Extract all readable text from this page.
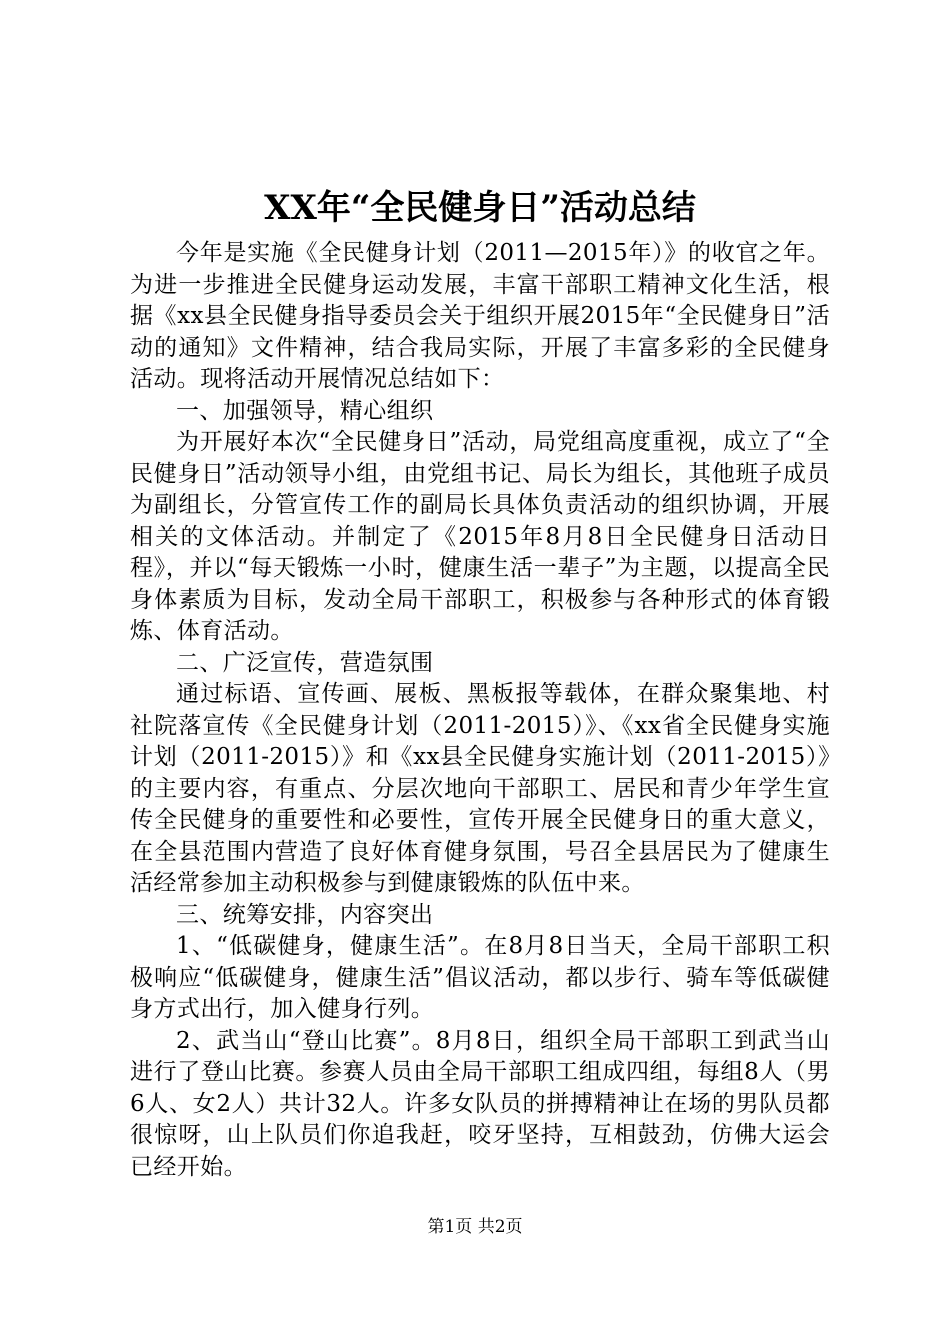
XX年“全民健身日”活动总结

今年是实施《全民健身计划（2011—2015年）》的收官之年。为进一步推进全民健身运动发展，丰富干部职工精神文化生活，根据《xx县全民健身指导委员会关于组织开展2015年“全民健身日”活动的通知》文件精神，结合我局实际，开展了丰富多彩的全民健身活动。现将活动开展情况总结如下：

一、加强领导，精心组织

为开展好本次“全民健身日”活动，局党组高度重视，成立了“全民健身日”活动领导小组，由党组书记、局长为组长，其他班子成员为副组长，分管宣传工作的副局长具体负责活动的组织协调，开展相关的文体活动。并制定了《2015年8月8日全民健身日活动日程》，并以“每天锻炼一小时，健康生活一辈子”为主题，以提高全民身体素质为目标，发动全局干部职工，积极参与各种形式的体育锻炼、体育活动。

二、广泛宣传，营造氛围

通过标语、宣传画、展板、黑板报等载体，在群众聚集地、村社院落宣传《全民健身计划（2011-2015）》、《xx省全民健身实施计划（2011-2015）》和《xx县全民健身实施计划（2011-2015）》的主要内容，有重点、分层次地向干部职工、居民和青少年学生宣传全民健身的重要性和必要性，宣传开展全民健身日的重大意义，在全县范围内营造了良好体育健身氛围，号召全县居民为了健康生活经常参加主动积极参与到健康锻炼的队伍中来。

三、统筹安排，内容突出

1、“低碳健身，健康生活”。在8月8日当天，全局干部职工积极响应“低碳健身，健康生活”倡议活动，都以步行、骑车等低碳健身方式出行，加入健身行列。

2、武当山“登山比赛”。8月8日，组织全局干部职工到武当山进行了登山比赛。参赛人员由全局干部职工组成四组，每组8人（男6人、女2人）共计32人。许多女队员的拼搏精神让在场的男队员都很惊呀，山上队员们你追我赶，咬牙坚持，互相鼓劲，仿佛大运会已经开始。

第1页 共2页
